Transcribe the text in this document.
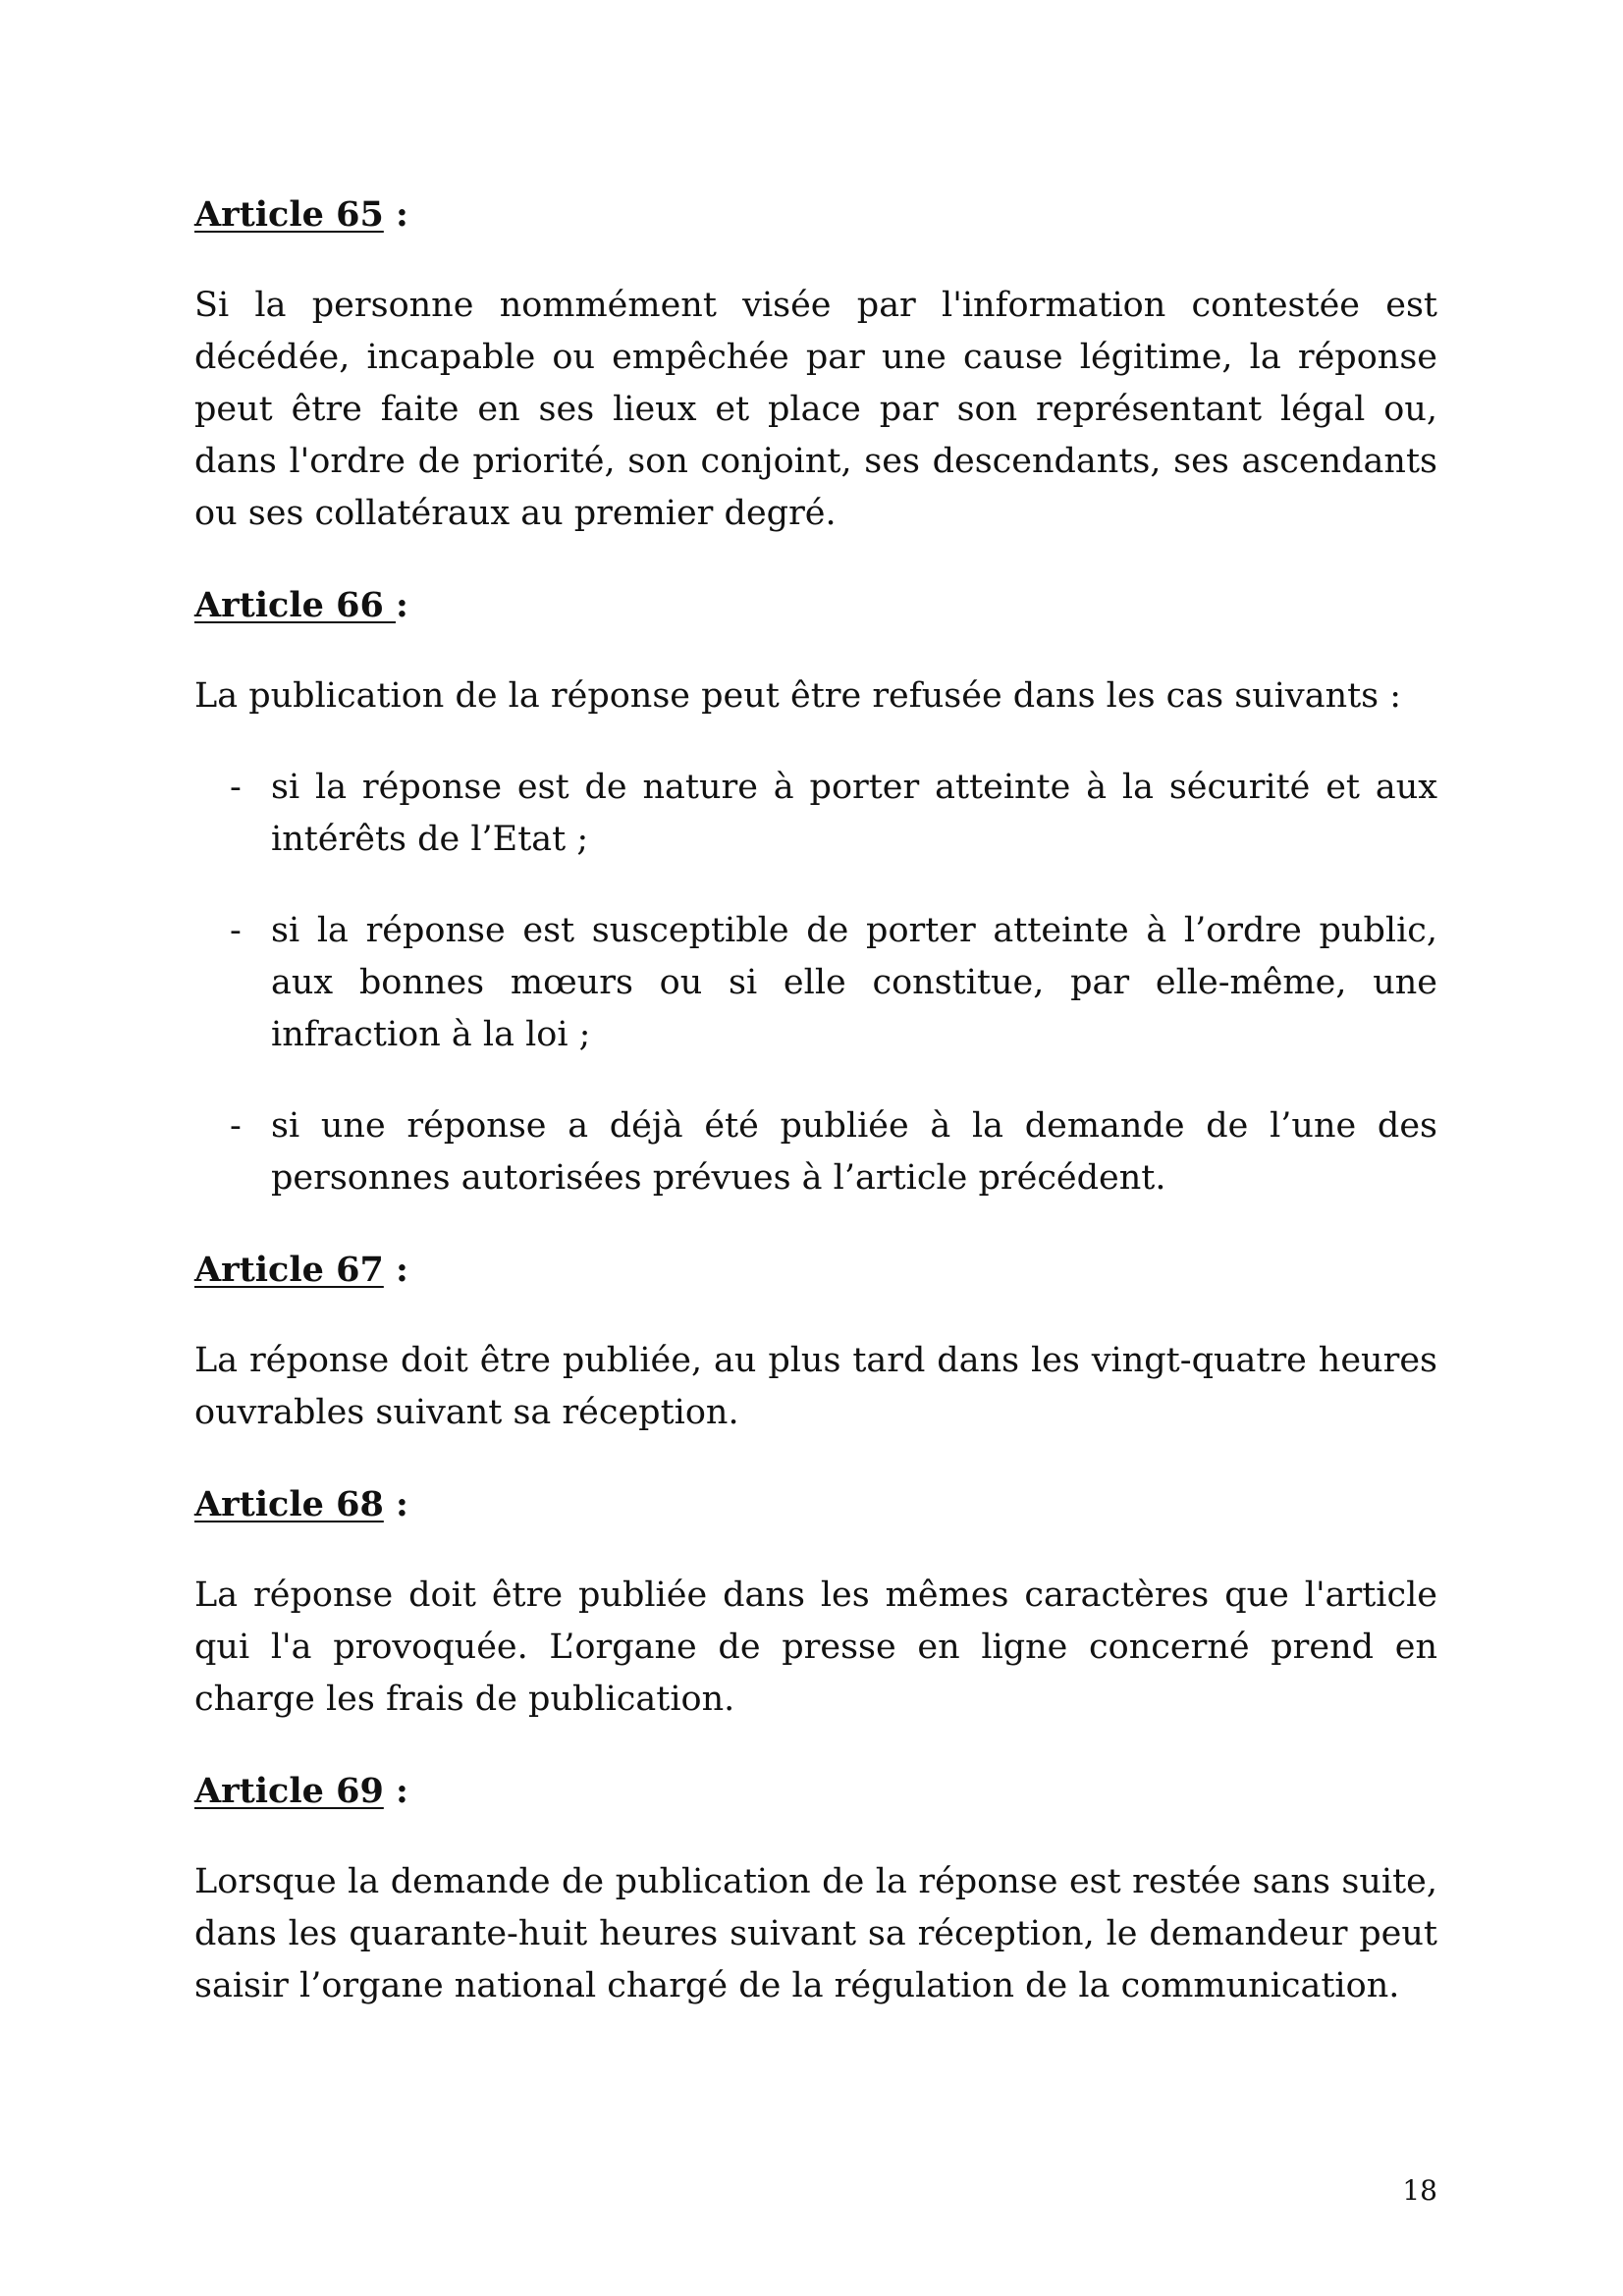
Article 65 :

Si la personne nommément visée par l'information contestée est décédée, incapable ou empêchée par une cause légitime, la réponse peut être faite en ses lieux et place par son représentant légal ou, dans l'ordre de priorité, son conjoint, ses descendants, ses ascendants ou ses collatéraux au premier degré.

Article 66 :

La publication de la réponse peut être refusée dans les cas suivants :

- si la réponse est de nature à porter atteinte à la sécurité et aux intérêts de l’Etat ;
- si la réponse est susceptible de porter atteinte à l’ordre public, aux bonnes mœurs ou si elle constitue, par elle-même, une infraction à la loi ;
- si une réponse a déjà été publiée à la demande de l’une des personnes autorisées prévues à l’article précédent.

Article 67 :

La réponse doit être publiée, au plus tard dans les vingt-quatre heures ouvrables suivant sa réception.

Article 68 :

La réponse doit être publiée dans les mêmes caractères que l'article qui l'a provoquée. L’organe de presse en ligne concerné prend en charge les frais de publication.

Article 69 :

Lorsque la demande de publication de la réponse est restée sans suite, dans les quarante-huit heures suivant sa réception, le demandeur peut saisir l’organe national chargé de la régulation de la communication.

18
